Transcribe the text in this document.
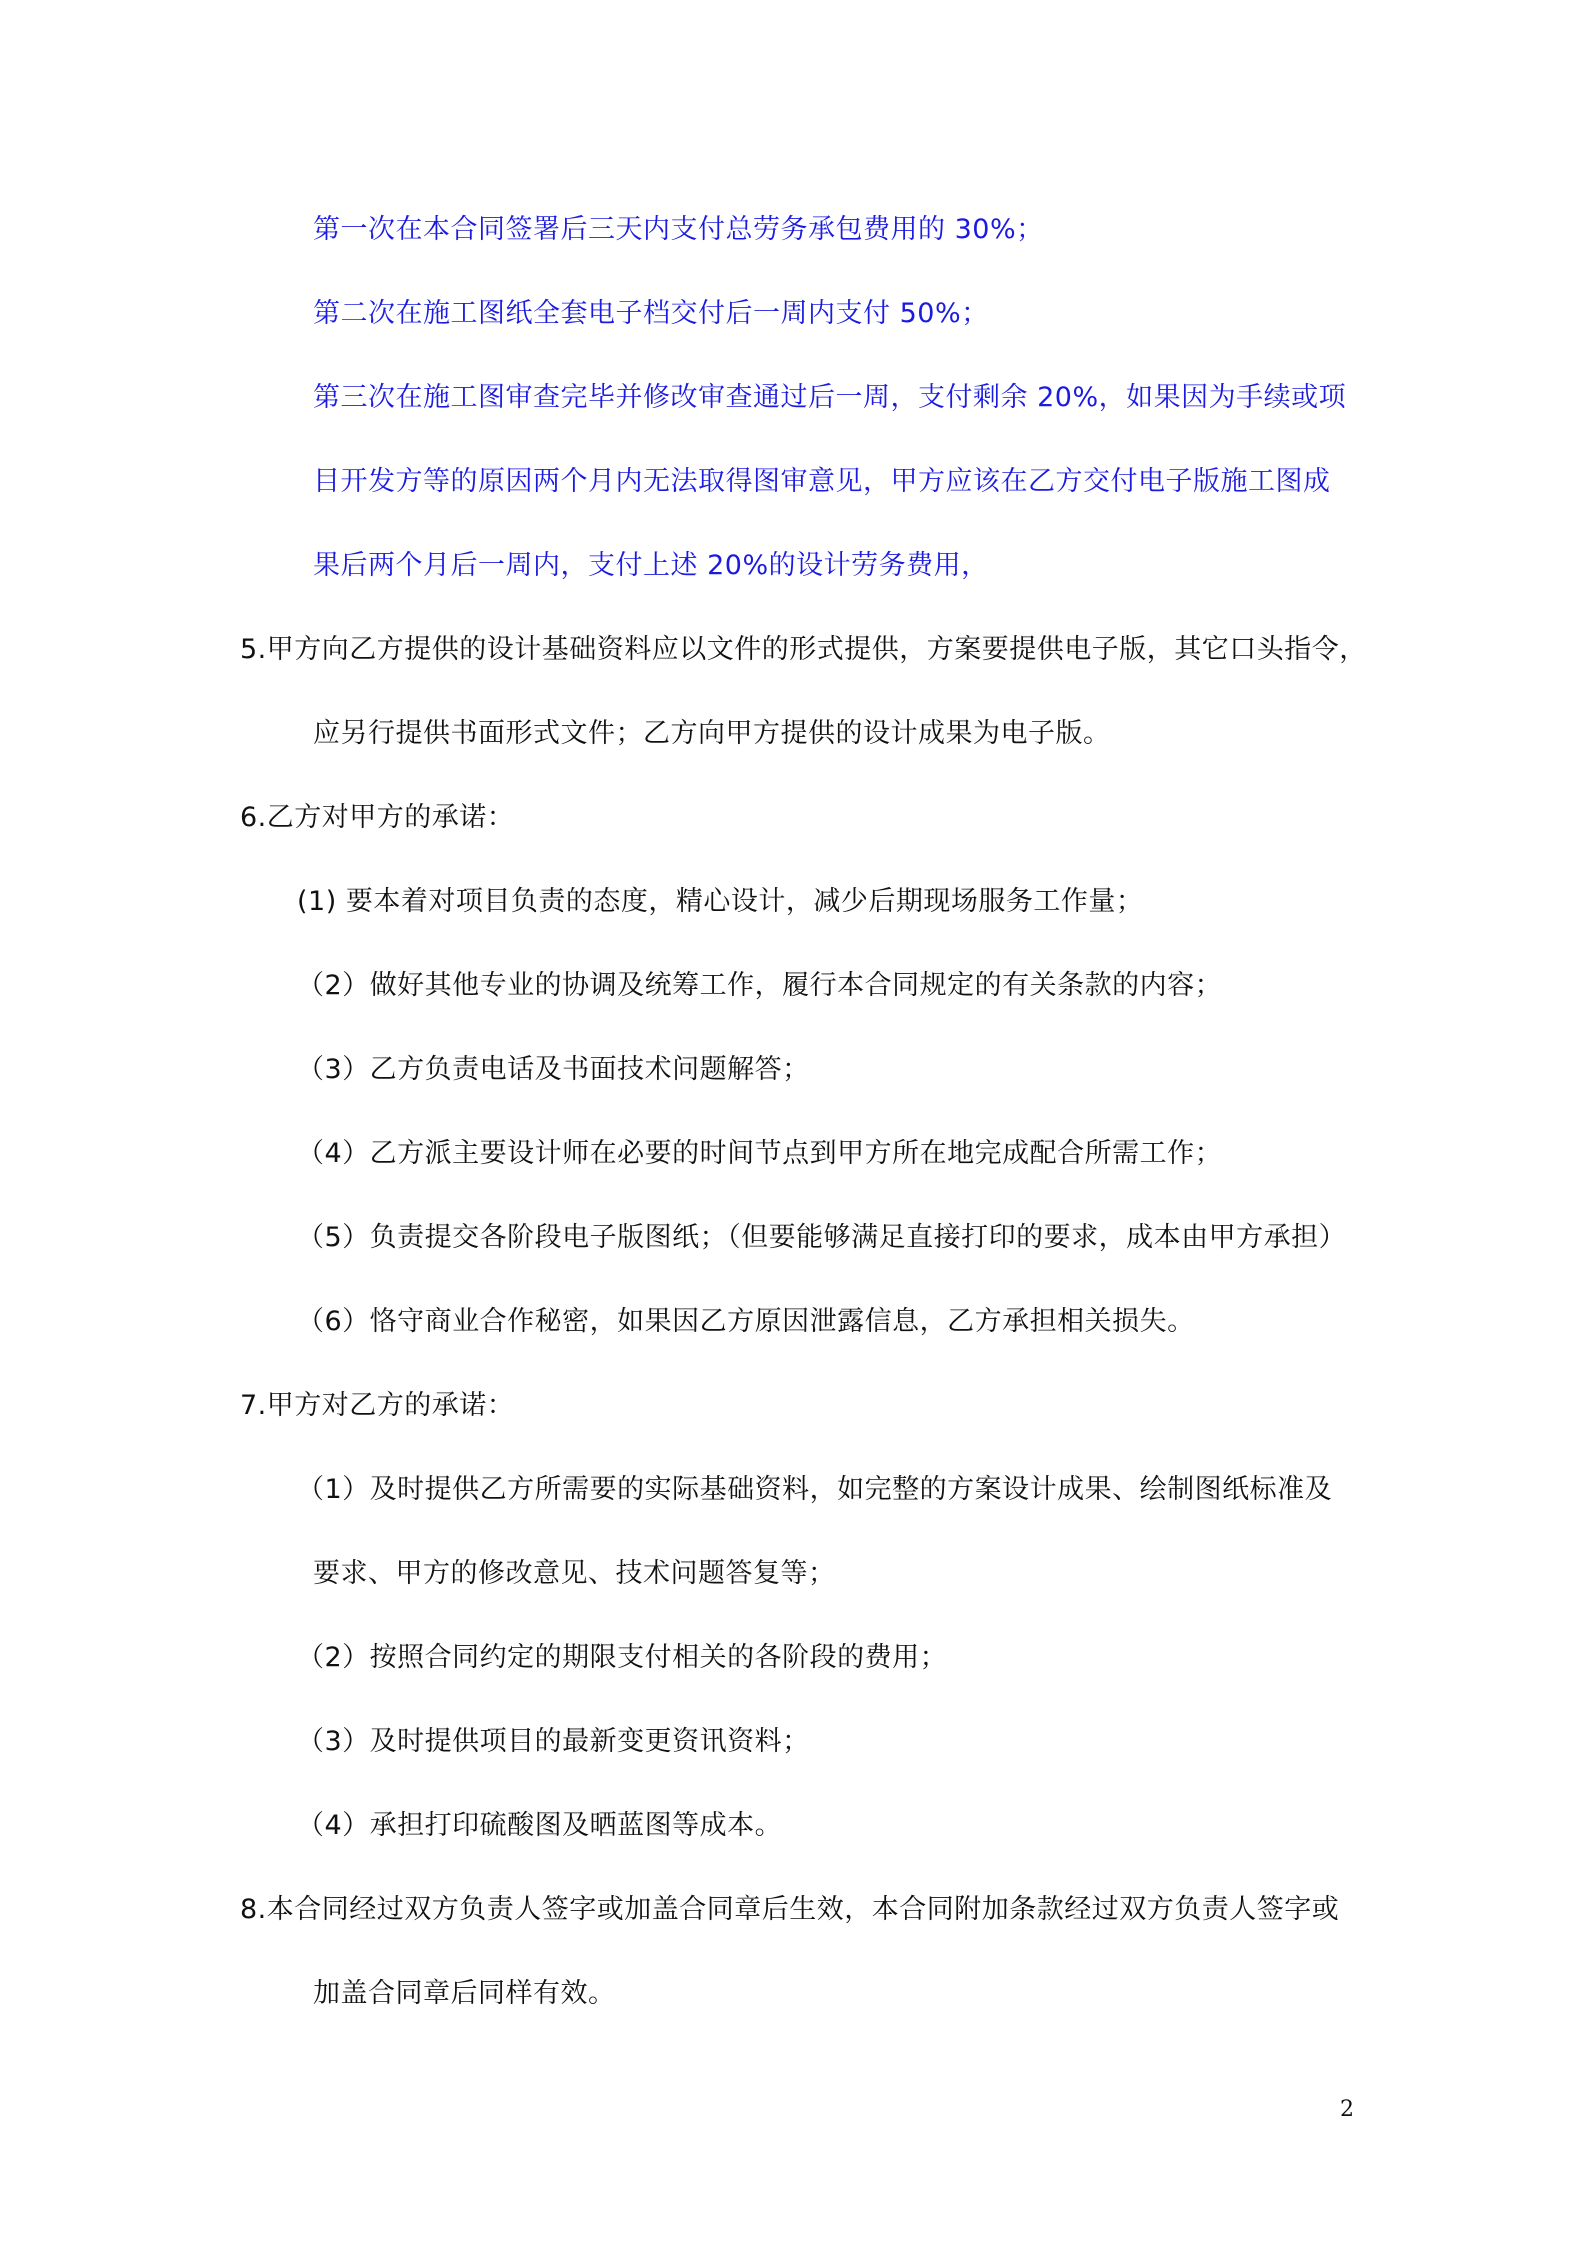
第一次在本合同签署后三天内支付总劳务承包费用的 30%；
第二次在施工图纸全套电子档交付后一周内支付 50%；
第三次在施工图审查完毕并修改审查通过后一周，支付剩余 20%，如果因为手续或项
目开发方等的原因两个月内无法取得图审意见，甲方应该在乙方交付电子版施工图成
果后两个月后一周内，支付上述 20%的设计劳务费用，
5.甲方向乙方提供的设计基础资料应以文件的形式提供，方案要提供电子版，其它口头指令，
应另行提供书面形式文件；乙方向甲方提供的设计成果为电子版。
6.乙方对甲方的承诺：
(1) 要本着对项目负责的态度，精心设计，减少后期现场服务工作量；
（2）做好其他专业的协调及统筹工作，履行本合同规定的有关条款的内容；
（3）乙方负责电话及书面技术问题解答；
（4）乙方派主要设计师在必要的时间节点到甲方所在地完成配合所需工作；
（5）负责提交各阶段电子版图纸；（但要能够满足直接打印的要求，成本由甲方承担）
（6）恪守商业合作秘密，如果因乙方原因泄露信息，乙方承担相关损失。
7.甲方对乙方的承诺：
（1）及时提供乙方所需要的实际基础资料，如完整的方案设计成果、绘制图纸标准及
要求、甲方的修改意见、技术问题答复等；
（2）按照合同约定的期限支付相关的各阶段的费用；
（3）及时提供项目的最新变更资讯资料；
（4）承担打印硫酸图及晒蓝图等成本。
8.本合同经过双方负责人签字或加盖合同章后生效，本合同附加条款经过双方负责人签字或
加盖合同章后同样有效。
2
